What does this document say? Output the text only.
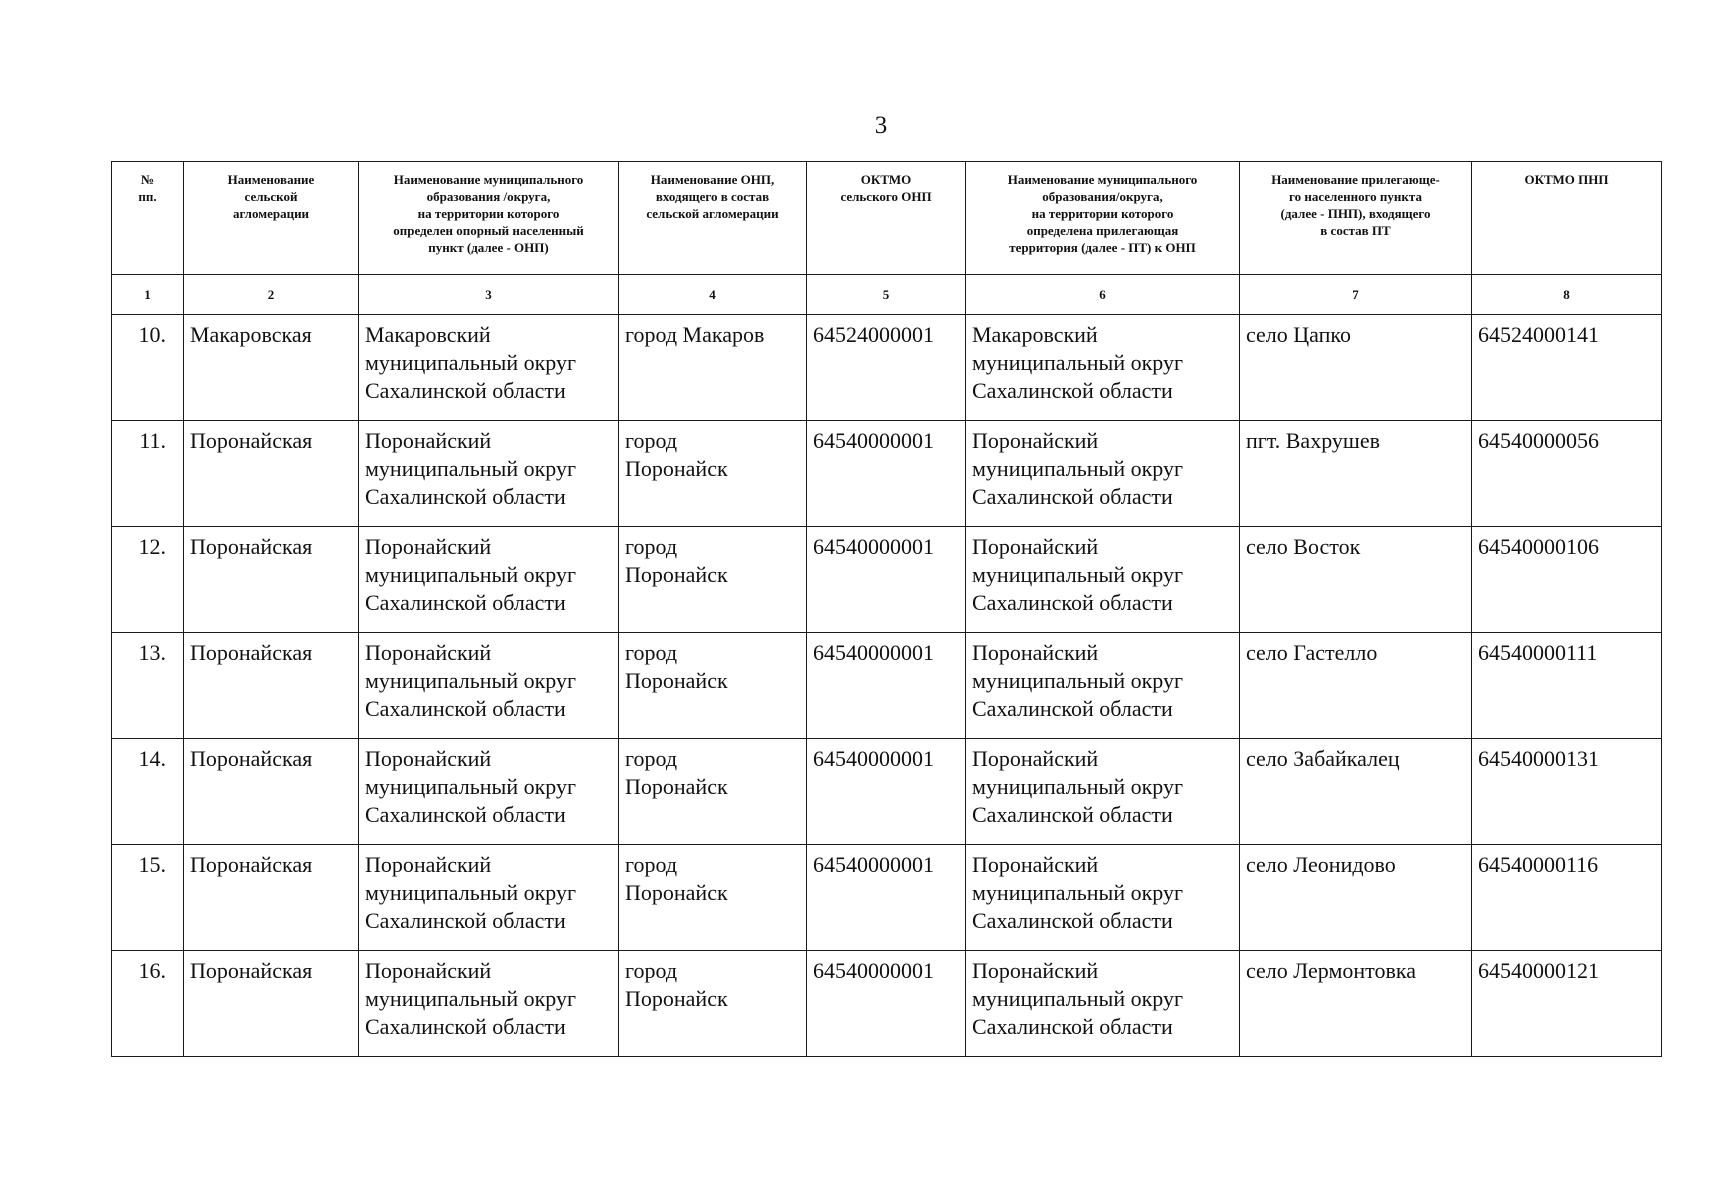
3
№
пп.	Наименование
сельской
агломерации	Наименование муниципального
образования /округа,
на территории которого
определен опорный населенный
пункт (далее - ОНП)	Наименование ОНП,
входящего в состав
сельской агломерации	ОКТМО
сельского ОНП	Наименование муниципального
образования/округа,
на территории которого
определена прилегающая
территория (далее - ПТ) к ОНП	Наименование прилегающе-
го населенного пункта
(далее - ПНП), входящего
в состав ПТ	ОКТМО ПНП
1	2	3	4	5	6	7	8
10.	Макаровская	Макаровский
муниципальный округ
Сахалинской области	город Макаров	64524000001	Макаровский
муниципальный округ
Сахалинской области	село Цапко	64524000141
11.	Поронайская	Поронайский
муниципальный округ
Сахалинской области	город
Поронайск	64540000001	Поронайский
муниципальный округ
Сахалинской области	пгт. Вахрушев	64540000056
12.	Поронайская	Поронайский
муниципальный округ
Сахалинской области	город
Поронайск	64540000001	Поронайский
муниципальный округ
Сахалинской области	село Восток	64540000106
13.	Поронайская	Поронайский
муниципальный округ
Сахалинской области	город
Поронайск	64540000001	Поронайский
муниципальный округ
Сахалинской области	село Гастелло	64540000111
14.	Поронайская	Поронайский
муниципальный округ
Сахалинской области	город
Поронайск	64540000001	Поронайский
муниципальный округ
Сахалинской области	село Забайкалец	64540000131
15.	Поронайская	Поронайский
муниципальный округ
Сахалинской области	город
Поронайск	64540000001	Поронайский
муниципальный округ
Сахалинской области	село Леонидово	64540000116
16.	Поронайская	Поронайский
муниципальный округ
Сахалинской области	город
Поронайск	64540000001	Поронайский
муниципальный округ
Сахалинской области	село Лермонтовка	64540000121
